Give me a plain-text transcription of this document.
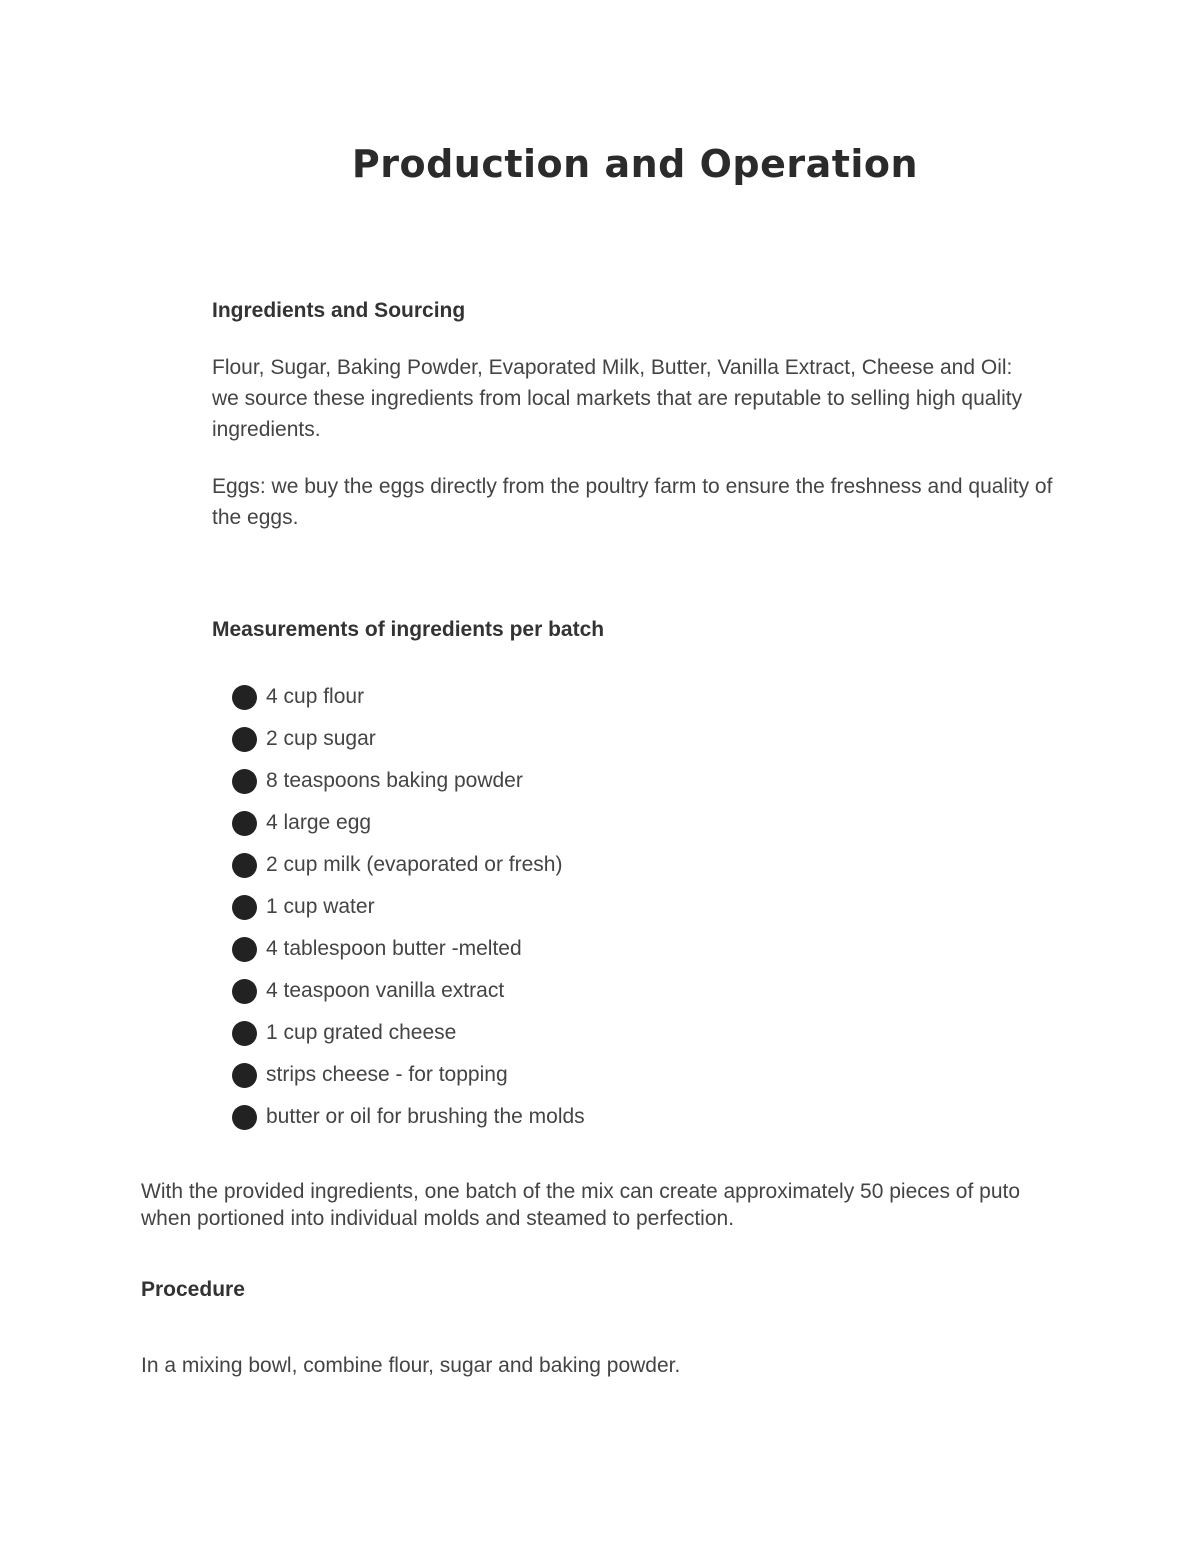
Production and Operation
Ingredients and Sourcing

Flour, Sugar, Baking Powder, Evaporated Milk, Butter, Vanilla Extract, Cheese and Oil: we source these ingredients from local markets that are reputable to selling high quality ingredients.

Eggs: we buy the eggs directly from the poultry farm to ensure the freshness and quality of the eggs.

Measurements of ingredients per batch
4 cup flour
2 cup sugar
8 teaspoons baking powder
4 large egg
2 cup milk (evaporated or fresh)
1 cup water
4 tablespoon butter -melted
4 teaspoon vanilla extract
1 cup grated cheese
strips cheese - for topping
butter or oil for brushing the molds

With the provided ingredients, one batch of the mix can create approximately 50 pieces of puto when portioned into individual molds and steamed to perfection.

Procedure

In a mixing bowl, combine flour, sugar and baking powder.
